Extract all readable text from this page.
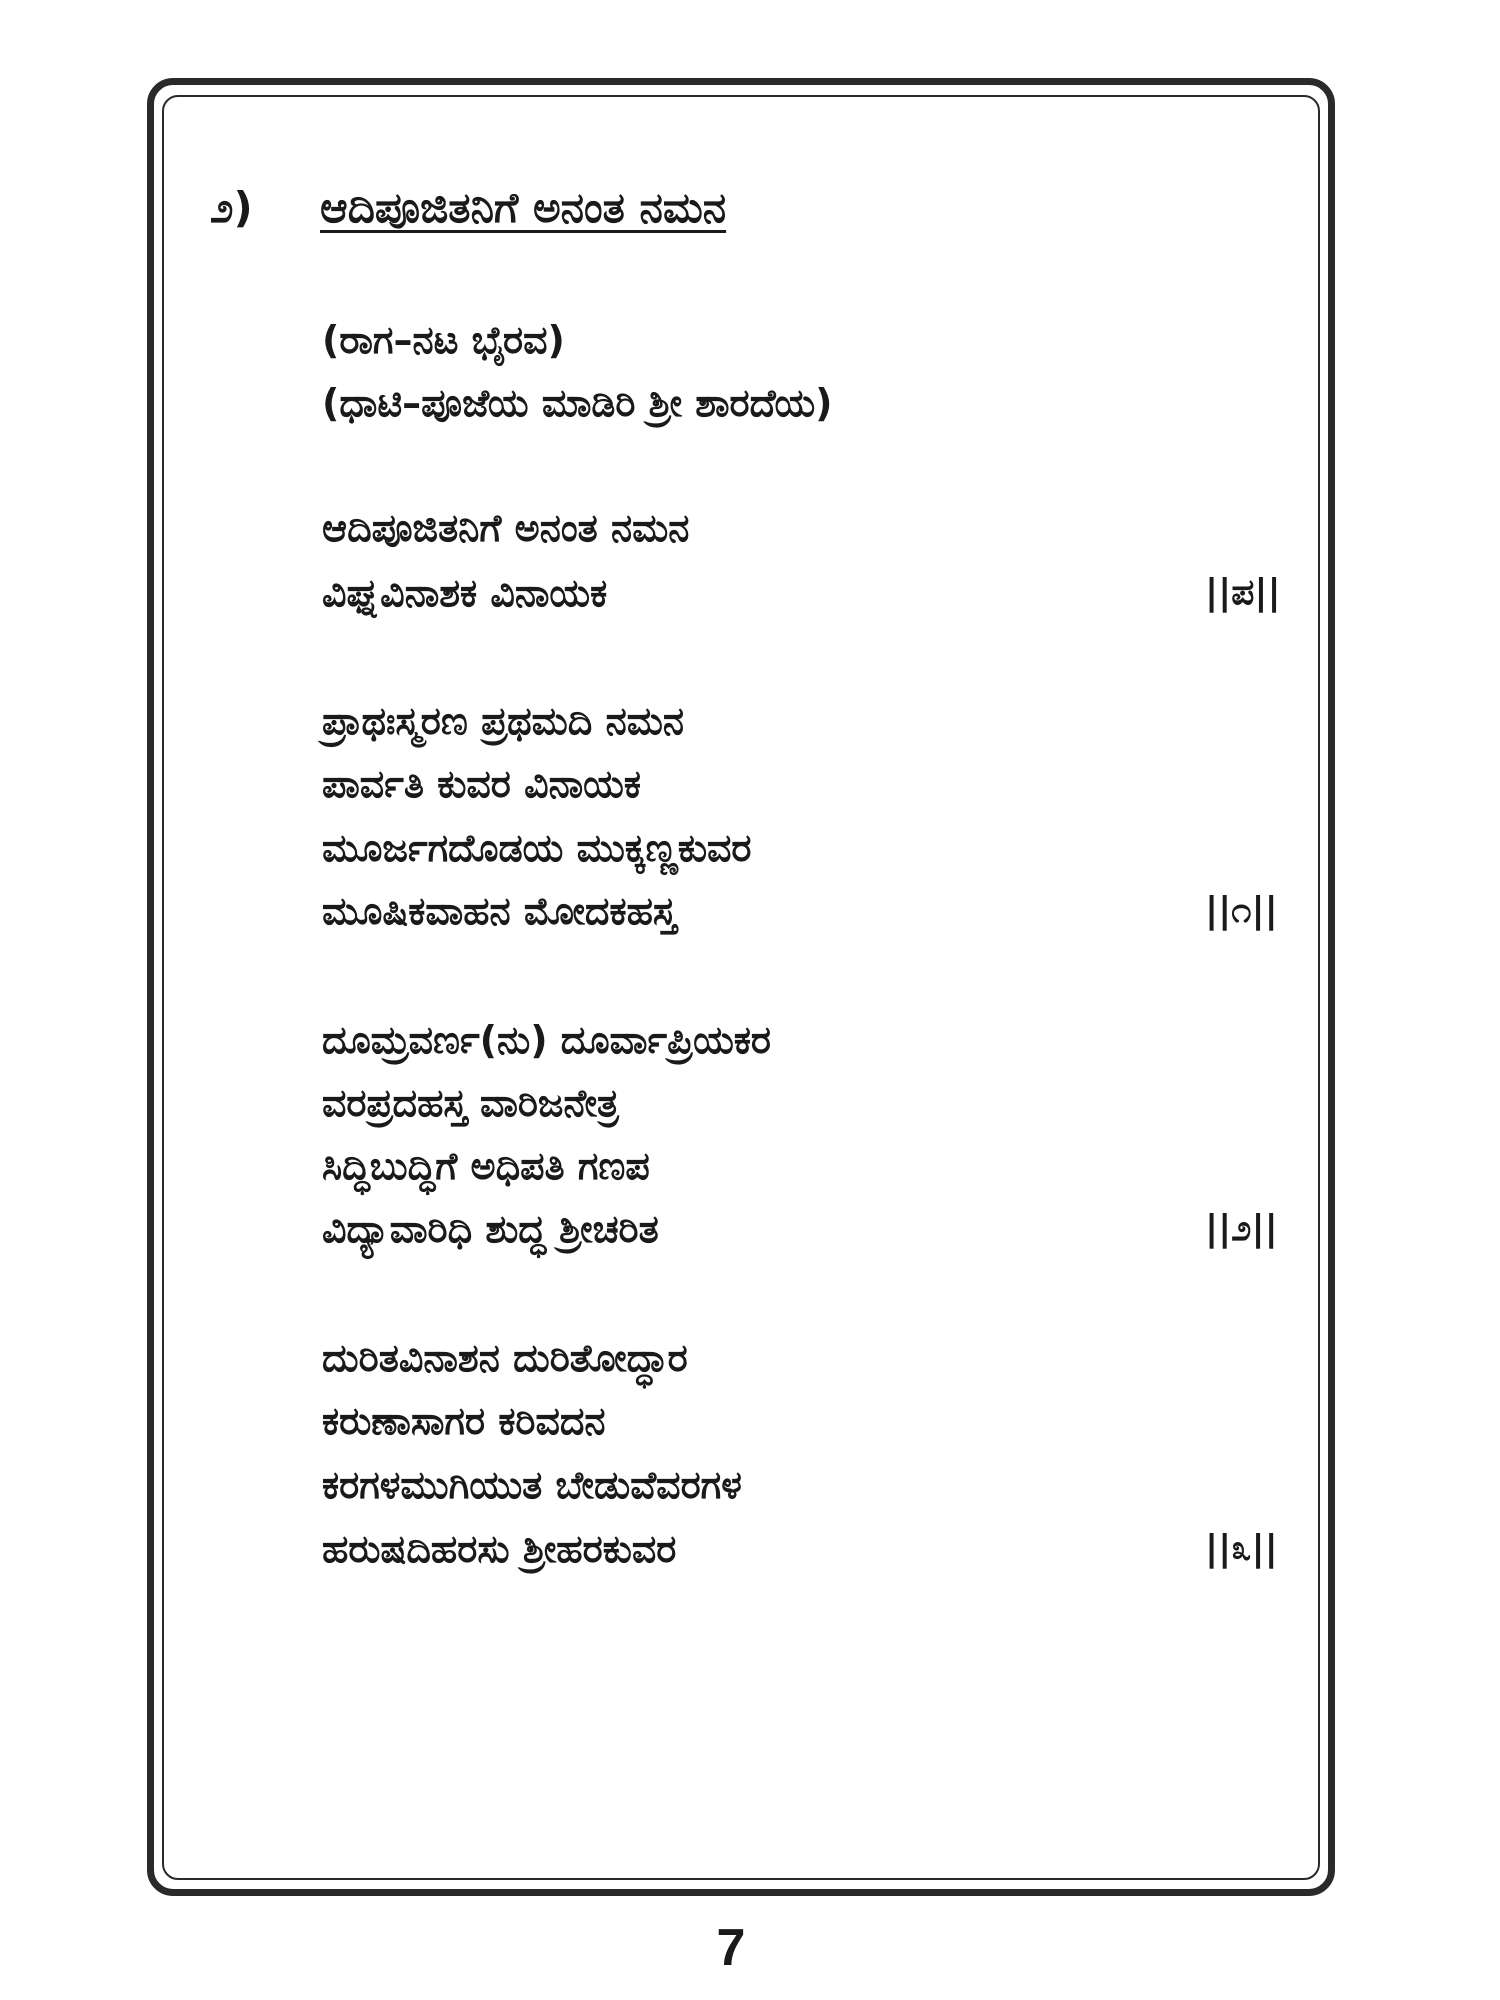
೨) ಆದಿಪೂಜಿತನಿಗೆ ಅನಂತ ನಮನ
(ರಾಗ–ನಟ ಭೈರವ)
(ಧಾಟಿ–ಪೂಜೆಯ ಮಾಡಿರಿ ಶ್ರೀ ಶಾರದೆಯ)
ಆದಿಪೂಜಿತನಿಗೆ ಅನಂತ ನಮನ
ವಿಘ್ನವಿನಾಶಕ ವಿನಾಯಕ	||ಪ||
ಪ್ರಾಥಃಸ್ಮರಣ ಪ್ರಥಮದಿ ನಮನ
ಪಾರ್ವತಿ ಕುವರ ವಿನಾಯಕ
ಮೂರ್ಜಗದೊಡಯ ಮುಕ್ಕಣ್ಣಕುವರ
ಮೂಷಿಕವಾಹನ ಮೋದಕಹಸ್ತ	||೧||
ದೂಮ್ರವರ್ಣ(ನು) ದೂರ್ವಾಪ್ರಿಯಕರ
ವರಪ್ರದಹಸ್ತ ವಾರಿಜನೇತ್ರ
ಸಿದ್ಧಿಬುದ್ಧಿಗೆ ಅಧಿಪತಿ ಗಣಪ
ವಿದ್ಯಾವಾರಿಧಿ ಶುದ್ಧ ಶ್ರೀಚರಿತ	||೨||
ದುರಿತವಿನಾಶನ ದುರಿತೋದ್ಧಾರ
ಕರುಣಾಸಾಗರ ಕರಿವದನ
ಕರಗಳಮುಗಿಯುತ ಬೇಡುವೆವರಗಳ
ಹರುಷದಿಹರಸು ಶ್ರೀಹರಕುವರ	||೩||
7
